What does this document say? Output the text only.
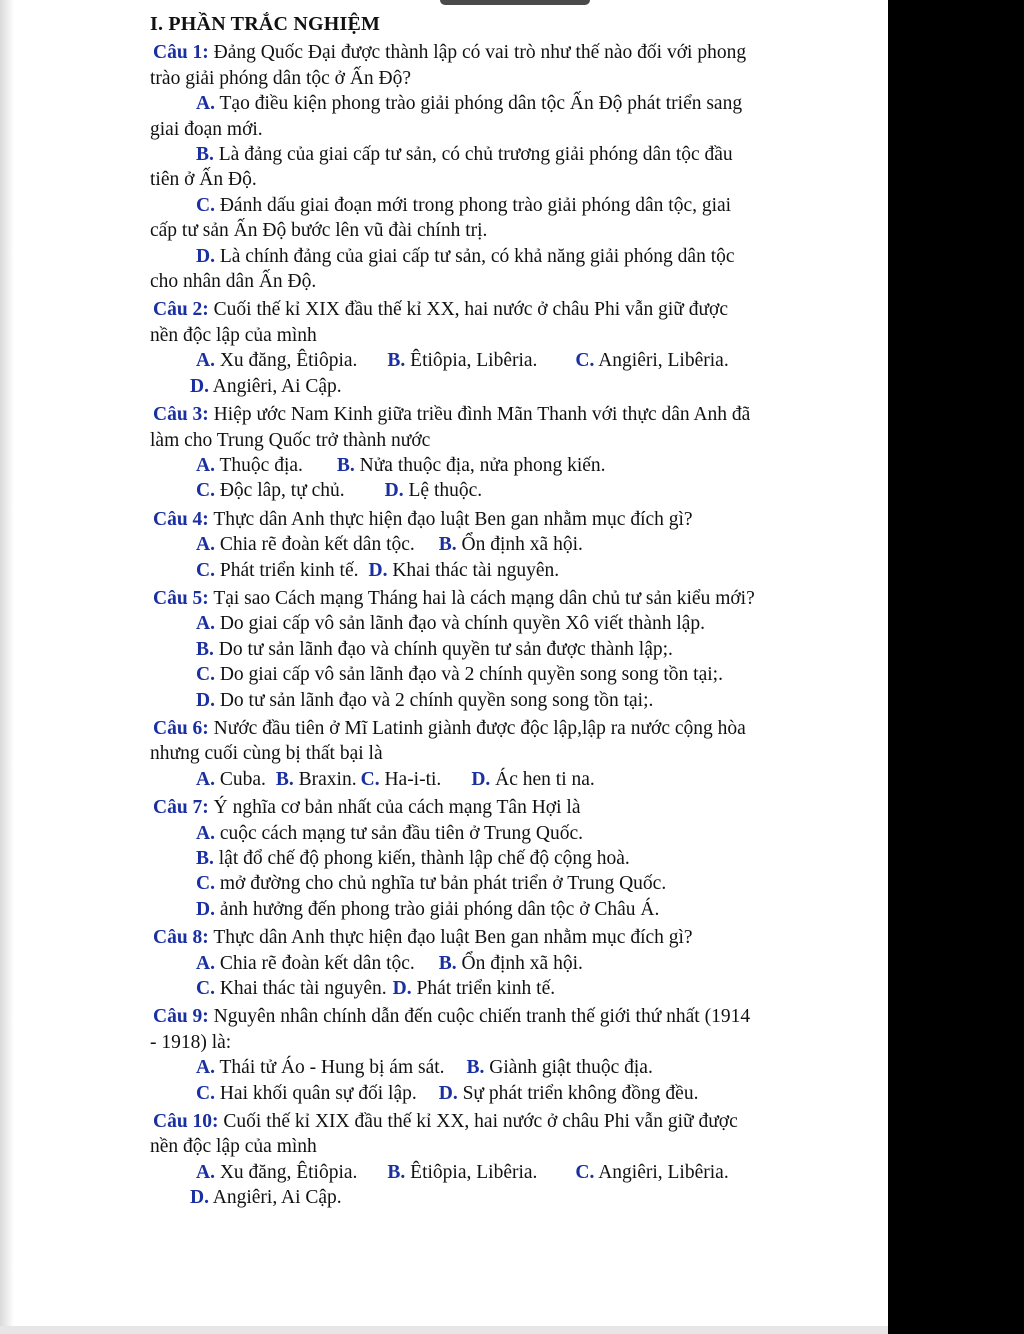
I. PHẦN TRẮC NGHIỆM
Câu 1: Đảng Quốc Đại được thành lập có vai trò như thế nào đối với phong trào giải phóng dân tộc ở Ấn Độ?
A. Tạo điều kiện phong trào giải phóng dân tộc Ấn Độ phát triển sang giai đoạn mới.
B. Là đảng của giai cấp tư sản, có chủ trương giải phóng dân tộc đầu tiên ở Ấn Độ.
C. Đánh dấu giai đoạn mới trong phong trào giải phóng dân tộc, giai cấp tư sản Ấn Độ bước lên vũ đài chính trị.
D. Là chính đảng của giai cấp tư sản, có khả năng giải phóng dân tộc cho nhân dân Ấn Độ.
Câu 2: Cuối thế kỉ XIX đầu thế kỉ XX, hai nước ở châu Phi vẫn giữ được nền độc lập của mình
A. Xu đăng, Êtiôpia. B. Êtiôpia, Libêria. C. Angiêri, Libêria.D. Angiêri, Ai Cập.
Câu 3: Hiệp ước Nam Kinh giữa triều đình Mãn Thanh với thực dân Anh đã làm cho Trung Quốc trở thành nước
A. Thuộc địa. B. Nửa thuộc địa, nửa phong kiến.
C. Độc lâp, tự chủ. D. Lệ thuộc.
Câu 4: Thực dân Anh thực hiện đạo luật Ben gan nhằm mục đích gì?
A. Chia rẽ đoàn kết dân tộc. B. Ổn định xã hội.
C. Phát triển kinh tế. D. Khai thác tài nguyên.
Câu 5: Tại sao Cách mạng Tháng hai là cách mạng dân chủ tư sản kiểu mới?
A. Do giai cấp vô sản lãnh đạo và chính quyền Xô viết thành lập.
B. Do tư sản lãnh đạo và chính quyền tư sản được thành lập;.
C. Do giai cấp vô sản lãnh đạo và 2 chính quyền song song tồn tại;.
D. Do tư sản lãnh đạo và 2 chính quyền song song tồn tại;.
Câu 6: Nước đầu tiên ở Mĩ Latinh giành được độc lập,lập ra nước cộng hòa nhưng cuối cùng bị thất bại là
A. Cuba. B. Braxin. C. Ha-i-ti. D. Ác hen ti na.
Câu 7: Ý nghĩa cơ bản nhất của cách mạng Tân Hợi là
A. cuộc cách mạng tư sản đầu tiên ở Trung Quốc.
B. lật đổ chế độ phong kiến, thành lập chế độ cộng hoà.
C. mở đường cho chủ nghĩa tư bản phát triển ở Trung Quốc.
D. ảnh hưởng đến phong trào giải phóng dân tộc ở Châu Á.
Câu 8: Thực dân Anh thực hiện đạo luật Ben gan nhằm mục đích gì?
A. Chia rẽ đoàn kết dân tộc. B. Ổn định xã hội.
C. Khai thác tài nguyên. D. Phát triển kinh tế.
Câu 9: Nguyên nhân chính dẫn đến cuộc chiến tranh thế giới thứ nhất (1914 - 1918) là:
A. Thái tử Áo - Hung bị ám sát. B. Giành giật thuộc địa.
C. Hai khối quân sự đối lập. D. Sự phát triển không đồng đều.
Câu 10: Cuối thế kỉ XIX đầu thế kỉ XX, hai nước ở châu Phi vẫn giữ được nền độc lập của mình
A. Xu đăng, Êtiôpia. B. Êtiôpia, Libêria. C. Angiêri, Libêria.D. Angiêri, Ai Cập.
